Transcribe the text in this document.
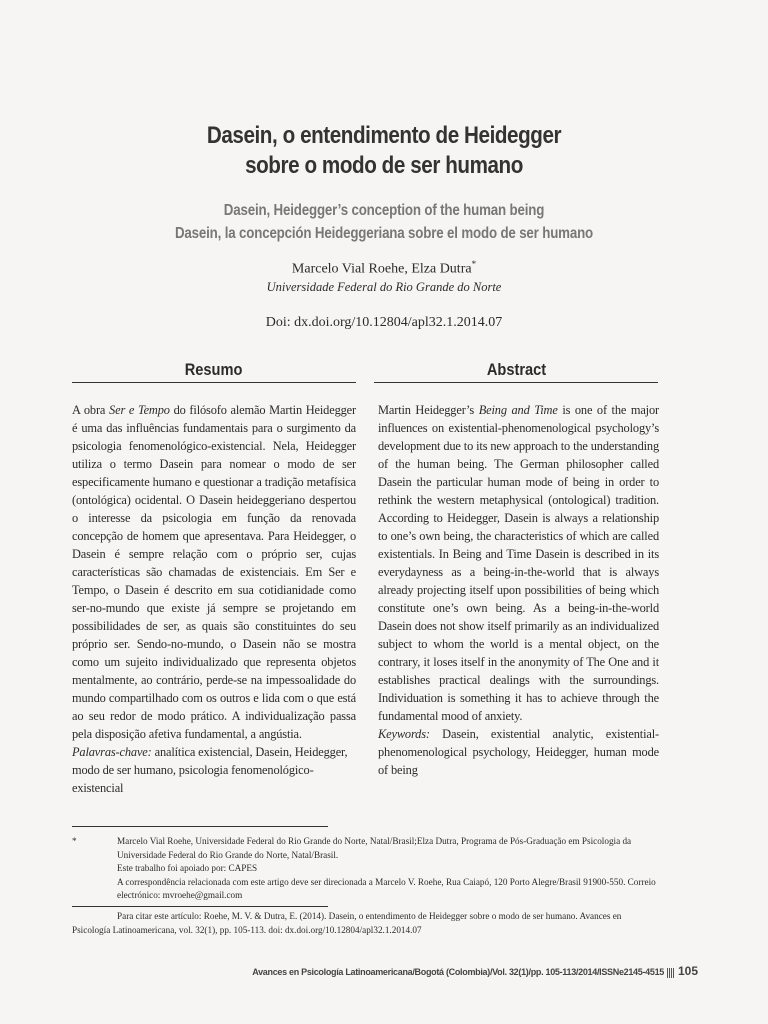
Dasein, o entendimento de Heidegger
sobre o modo de ser humano
Dasein, Heidegger’s conception of the human being
Dasein, la concepción Heideggeriana sobre el modo de ser humano
Marcelo Vial Roehe, Elza Dutra*
Universidade Federal do Rio Grande do Norte
Doi: dx.doi.org/10.12804/apl32.1.2014.07
Resumo	Abstract

A obra Ser e Tempo do filósofo alemão Martin Heidegger é uma das influências fundamentais para o surgimento da psicologia fenomenológico-existencial. Nela, Heidegger utiliza o termo Dasein para nomear o modo de ser especificamente humano e questionar a tradição metafísica (ontológica) ocidental. O Dasein heideggeriano despertou o interesse da psicologia em função da renovada concepção de homem que apresentava. Para Heidegger, o Dasein é sempre relação com o próprio ser, cujas características são chamadas de existenciais. Em Ser e Tempo, o Dasein é descrito em sua cotidianidade como ser-no-mundo que existe já sempre se projetando em possibilidades de ser, as quais são constituintes do seu próprio ser. Sendo-no-mundo, o Dasein não se mostra como um sujeito individualizado que representa objetos mentalmente, ao contrário, perde-se na impessoalidade do mundo compartilhado com os outros e lida com o que está ao seu redor de modo prático. A individualização passa pela disposição afetiva fundamental, a angústia.

Palavras-chave: analítica existencial, Dasein, Heidegger, modo de ser humano, psicologia fenomenológico-existencial

Martin Heidegger’s Being and Time is one of the major influences on existential-phenomenological psychology’s development due to its new approach to the understanding of the human being. The German philosopher called Dasein the particular human mode of being in order to rethink the western metaphysical (ontological) tradition. According to Heidegger, Dasein is always a relationship to one’s own being, the characteristics of which are called existentials. In Being and Time Dasein is described in its everydayness as a being-in-the-world that is always already projecting itself upon possibilities of being which constitute one’s own being. As a being-in-the-world Dasein does not show itself primarily as an individualized subject to whom the world is a mental object, on the contrary, it loses itself in the anonymity of The One and it establishes practical dealings with the surroundings. Individuation is something it has to achieve through the fundamental mood of anxiety.

Keywords: Dasein, existential analytic, existential-phenomenological psychology, Heidegger, human mode of being

*	Marcelo Vial Roehe, Universidade Federal do Rio Grande do Norte, Natal/Brasil;Elza Dutra, Programa de Pós-Graduação em Psicologia da Universidade Federal do Rio Grande do Norte, Natal/Brasil.
Este trabalho foi apoiado por: CAPES
A correspondência relacionada com este artigo deve ser direcionada a Marcelo V. Roehe, Rua Caiapó, 120 Porto Alegre/Brasil 91900-550. Correio electrónico: mvroehe@gmail.com
Para citar este artículo: Roehe, M. V. & Dutra, E. (2014). Dasein, o entendimento de Heidegger sobre o modo de ser humano. Avances en Psicología Latinoamericana, vol. 32(1), pp. 105-113. doi: dx.doi.org/10.12804/apl32.1.2014.07
Avances en Psicología Latinoamericana/Bogotá (Colombia)/Vol. 32(1)/pp. 105-113/2014/ISSNe2145-4515 105
